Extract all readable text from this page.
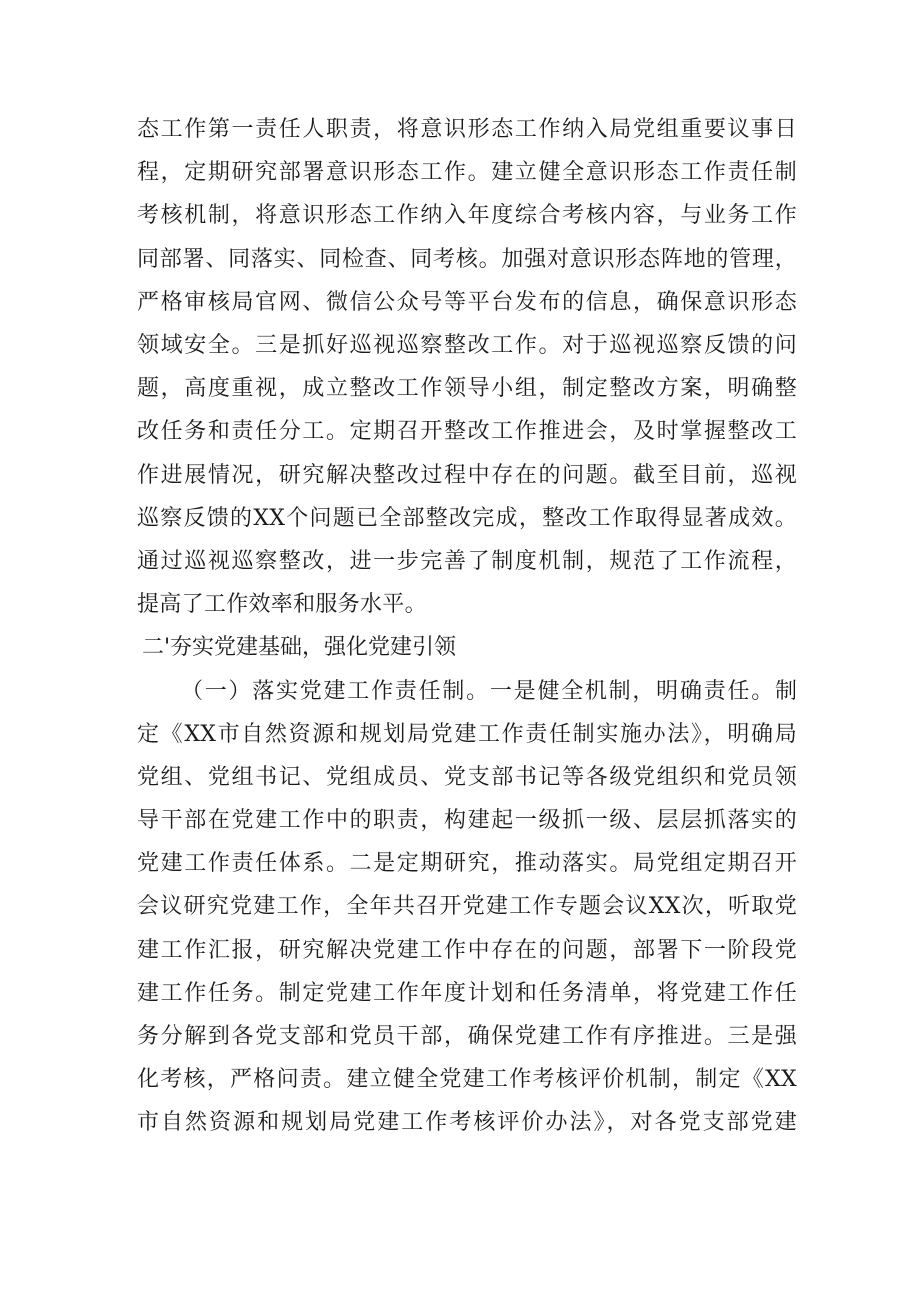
态工作第一责任人职责，将意识形态工作纳入局党组重要议事日
程，定期研究部署意识形态工作。建立健全意识形态工作责任制
考核机制，将意识形态工作纳入年度综合考核内容，与业务工作
同部署、同落实、同检查、同考核。加强对意识形态阵地的管理，
严格审核局官网、微信公众号等平台发布的信息，确保意识形态
领域安全。三是抓好巡视巡察整改工作。对于巡视巡察反馈的问
题，高度重视，成立整改工作领导小组，制定整改方案，明确整
改任务和责任分工。定期召开整改工作推进会，及时掌握整改工
作进展情况，研究解决整改过程中存在的问题。截至目前，巡视
巡察反馈的XX个问题已全部整改完成，整改工作取得显著成效。
通过巡视巡察整改，进一步完善了制度机制，规范了工作流程，
提高了工作效率和服务水平。
二'夯实党建基础，强化党建引领
（一）落实党建工作责任制。一是健全机制，明确责任。制
定《XX市自然资源和规划局党建工作责任制实施办法》，明确局
党组、党组书记、党组成员、党支部书记等各级党组织和党员领
导干部在党建工作中的职责，构建起一级抓一级、层层抓落实的
党建工作责任体系。二是定期研究，推动落实。局党组定期召开
会议研究党建工作，全年共召开党建工作专题会议XX次，听取党
建工作汇报，研究解决党建工作中存在的问题，部署下一阶段党
建工作任务。制定党建工作年度计划和任务清单，将党建工作任
务分解到各党支部和党员干部，确保党建工作有序推进。三是强
化考核，严格问责。建立健全党建工作考核评价机制，制定《XX
市自然资源和规划局党建工作考核评价办法》，对各党支部党建
